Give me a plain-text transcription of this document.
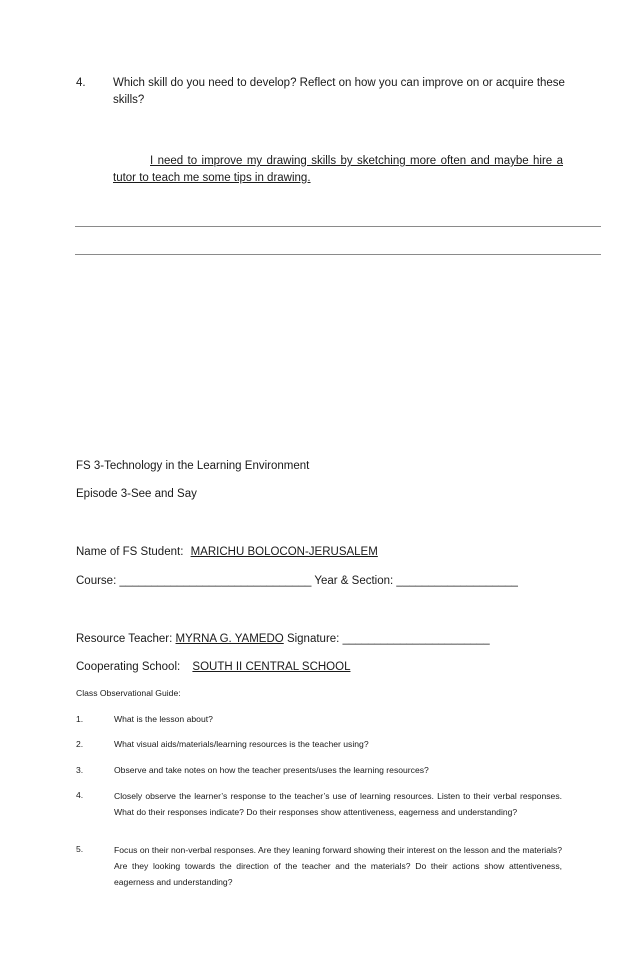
4. Which skill do you need to develop? Reflect on how you can improve on or acquire these skills?
I need to improve my drawing skills by sketching more often and maybe hire a tutor to teach me some tips in drawing.
FS 3-Technology in the Learning Environment
Episode 3-See and Say
Name of FS Student: MARICHU BOLOCON-JERUSALEM
Course: ______________________________ Year & Section: ___________________
Resource Teacher: MYRNA G. YAMEDO Signature: _______________________
Cooperating School: SOUTH II CENTRAL SCHOOL
Class Observational Guide:
1.	What is the lesson about?
2.	What visual aids/materials/learning resources is the teacher using?
3.	Observe and take notes on how the teacher presents/uses the learning resources?
4.	Closely observe the learner’s response to the teacher’s use of learning resources. Listen to their verbal responses. What do their responses indicate? Do their responses show attentiveness, eagerness and understanding?
5.	Focus on their non-verbal responses. Are they leaning forward showing their interest on the lesson and the materials? Are they looking towards the direction of the teacher and the materials? Do their actions show attentiveness, eagerness and understanding?
